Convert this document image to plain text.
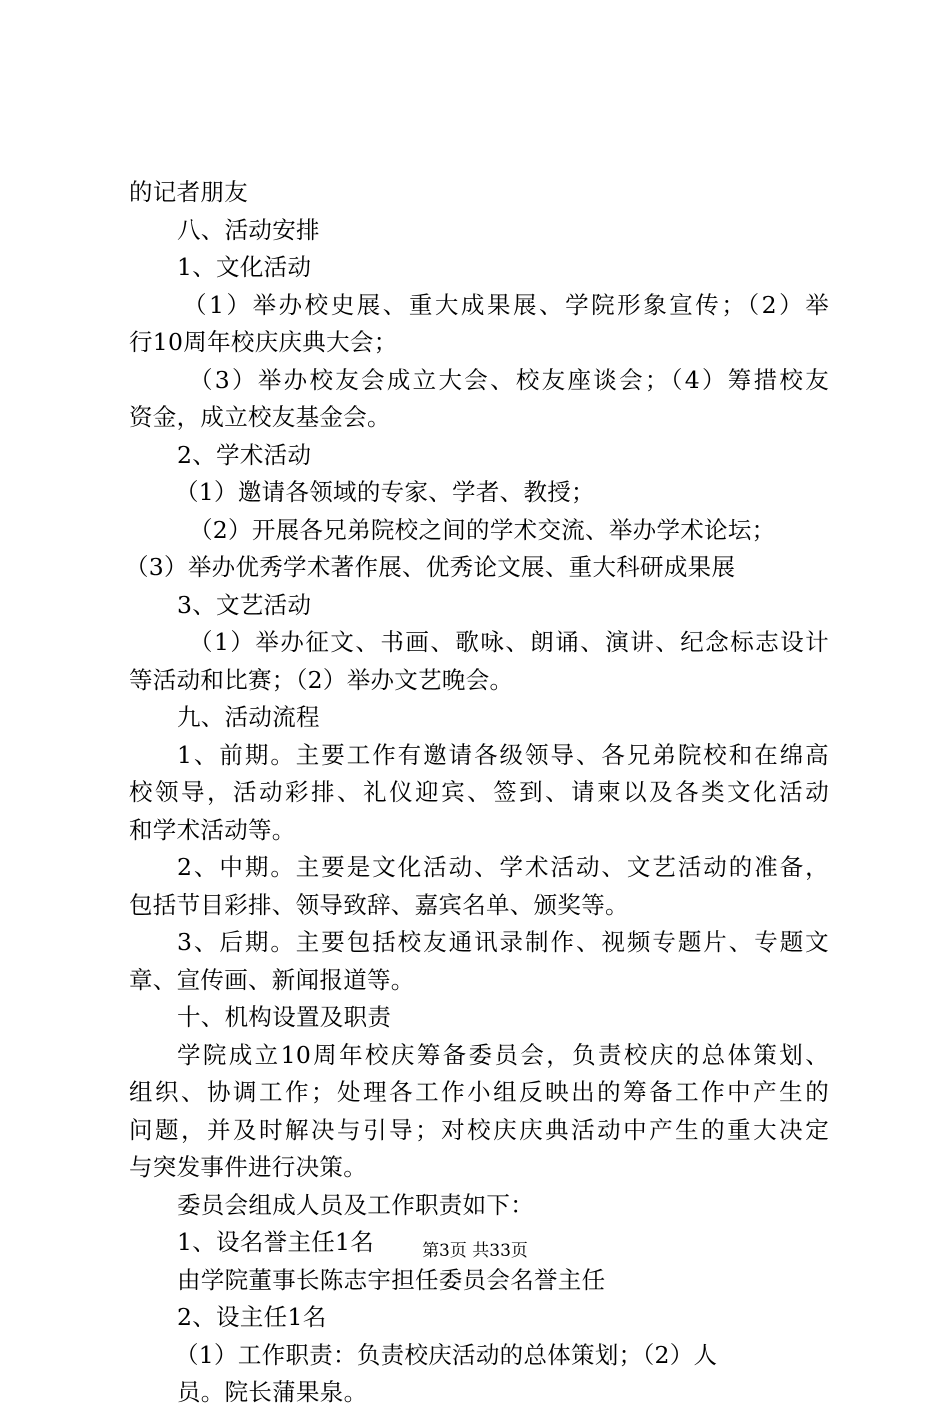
的记者朋友
八、活动安排
1、文化活动
（1）举办校史展、重大成果展、学院形象宣传；（2）举
行10周年校庆庆典大会；
（3）举办校友会成立大会、校友座谈会；（4）筹措校友
资金，成立校友基金会。
2、学术活动
（1）邀请各领域的专家、学者、教授；
（2）开展各兄弟院校之间的学术交流、举办学术论坛；
（3）举办优秀学术著作展、优秀论文展、重大科研成果展
3、文艺活动
（1）举办征文、书画、歌咏、朗诵、演讲、纪念标志设计
等活动和比赛；（2）举办文艺晚会。
九、活动流程
1、前期。主要工作有邀请各级领导、各兄弟院校和在绵高
校领导，活动彩排、礼仪迎宾、签到、请柬以及各类文化活动
和学术活动等。
2、中期。主要是文化活动、学术活动、文艺活动的准备，
包括节目彩排、领导致辞、嘉宾名单、颁奖等。
3、后期。主要包括校友通讯录制作、视频专题片、专题文
章、宣传画、新闻报道等。
十、机构设置及职责
学院成立10周年校庆筹备委员会，负责校庆的总体策划、
组织、协调工作；处理各工作小组反映出的筹备工作中产生的
问题，并及时解决与引导；对校庆庆典活动中产生的重大决定
与突发事件进行决策。
委员会组成人员及工作职责如下：
1、设名誉主任1名
由学院董事长陈志宇担任委员会名誉主任
2、设主任1名
（1）工作职责：负责校庆活动的总体策划；（2）人
员。院长蒲果泉。
第3页 共33页
